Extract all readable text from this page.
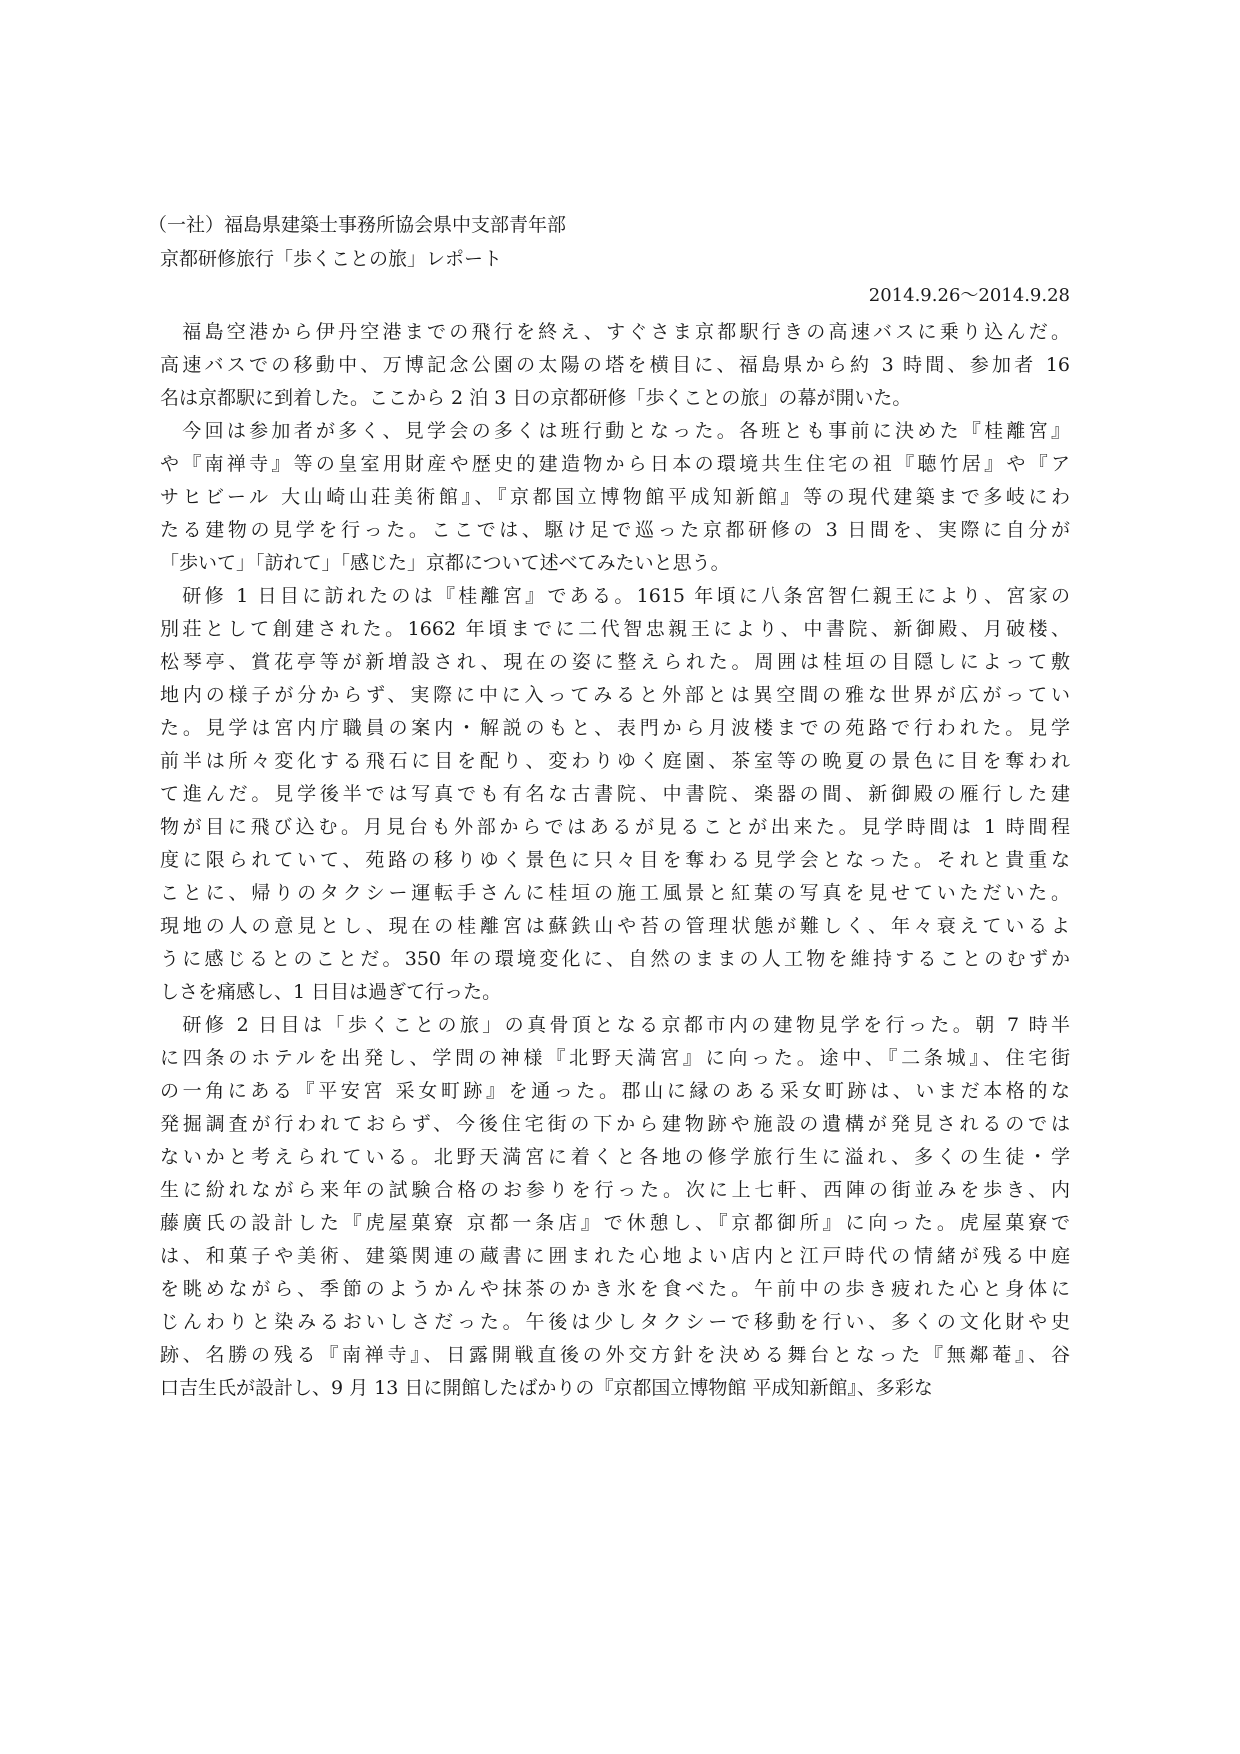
（一社）福島県建築士事務所協会県中支部青年部
京都研修旅行「歩くことの旅」レポート
2014.9.26〜2014.9.28
　福島空港から伊丹空港までの飛行を終え、すぐさま京都駅行きの高速バスに乗り込んだ。
高速バスでの移動中、万博記念公園の太陽の塔を横目に、福島県から約 3 時間、参加者 16
名は京都駅に到着した。ここから 2 泊 3 日の京都研修「歩くことの旅」の幕が開いた。
　今回は参加者が多く、見学会の多くは班行動となった。各班とも事前に決めた『桂離宮』
や『南禅寺』等の皇室用財産や歴史的建造物から日本の環境共生住宅の祖『聴竹居』や『ア
サヒビール 大山崎山荘美術館』、『京都国立博物館平成知新館』等の現代建築まで多岐にわ
たる建物の見学を行った。ここでは、駆け足で巡った京都研修の 3 日間を、実際に自分が
「歩いて」「訪れて」「感じた」京都について述べてみたいと思う。
　研修 1 日目に訪れたのは『桂離宮』である。1615 年頃に八条宮智仁親王により、宮家の
別荘として創建された。1662 年頃までに二代智忠親王により、中書院、新御殿、月破楼、
松琴亭、賞花亭等が新増設され、現在の姿に整えられた。周囲は桂垣の目隠しによって敷
地内の様子が分からず、実際に中に入ってみると外部とは異空間の雅な世界が広がってい
た。見学は宮内庁職員の案内・解説のもと、表門から月波楼までの苑路で行われた。見学
前半は所々変化する飛石に目を配り、変わりゆく庭園、茶室等の晩夏の景色に目を奪われ
て進んだ。見学後半では写真でも有名な古書院、中書院、楽器の間、新御殿の雁行した建
物が目に飛び込む。月見台も外部からではあるが見ることが出来た。見学時間は 1 時間程
度に限られていて、苑路の移りゆく景色に只々目を奪わる見学会となった。それと貴重な
ことに、帰りのタクシー運転手さんに桂垣の施工風景と紅葉の写真を見せていただいた。
現地の人の意見とし、現在の桂離宮は蘇鉄山や苔の管理状態が難しく、年々衰えているよ
うに感じるとのことだ。350 年の環境変化に、自然のままの人工物を維持することのむずか
しさを痛感し、1 日目は過ぎて行った。
　研修 2 日目は「歩くことの旅」の真骨頂となる京都市内の建物見学を行った。朝 7 時半
に四条のホテルを出発し、学問の神様『北野天満宮』に向った。途中、『二条城』、住宅街
の一角にある『平安宮 采女町跡』を通った。郡山に縁のある采女町跡は、いまだ本格的な
発掘調査が行われておらず、今後住宅街の下から建物跡や施設の遺構が発見されるのでは
ないかと考えられている。北野天満宮に着くと各地の修学旅行生に溢れ、多くの生徒・学
生に紛れながら来年の試験合格のお参りを行った。次に上七軒、西陣の街並みを歩き、内
藤廣氏の設計した『虎屋菓寮 京都一条店』で休憩し、『京都御所』に向った。虎屋菓寮で
は、和菓子や美術、建築関連の蔵書に囲まれた心地よい店内と江戸時代の情緒が残る中庭
を眺めながら、季節のようかんや抹茶のかき氷を食べた。午前中の歩き疲れた心と身体に
じんわりと染みるおいしさだった。午後は少しタクシーで移動を行い、多くの文化財や史
跡、名勝の残る『南禅寺』、日露開戦直後の外交方針を決める舞台となった『無鄰菴』、谷
口吉生氏が設計し、9 月 13 日に開館したばかりの『京都国立博物館 平成知新館』、多彩な
